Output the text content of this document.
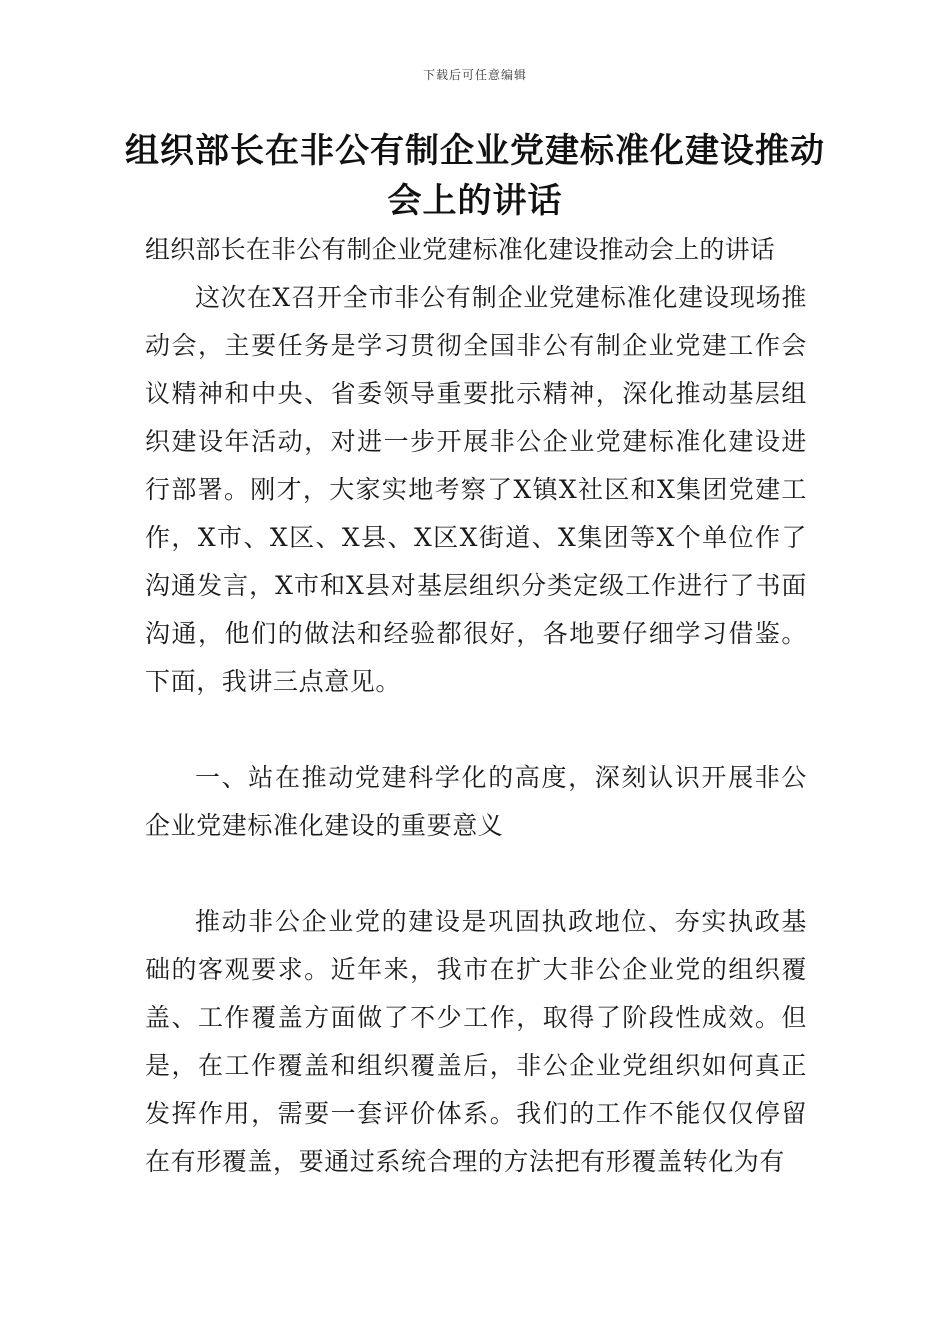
下载后可任意编辑
组织部长在非公有制企业党建标准化建设推动会上的讲话

组织部长在非公有制企业党建标准化建设推动会上的讲话

这次在X召开全市非公有制企业党建标准化建设现场推动会，主要任务是学习贯彻全国非公有制企业党建工作会议精神和中央、省委领导重要批示精神，深化推动基层组织建设年活动，对进一步开展非公企业党建标准化建设进行部署。刚才，大家实地考察了X镇X社区和X集团党建工作，X市、X区、X县、X区X街道、X集团等X个单位作了沟通发言，X市和X县对基层组织分类定级工作进行了书面沟通，他们的做法和经验都很好，各地要仔细学习借鉴。下面，我讲三点意见。

一、站在推动党建科学化的高度，深刻认识开展非公企业党建标准化建设的重要意义

推动非公企业党的建设是巩固执政地位、夯实执政基础的客观要求。近年来，我市在扩大非公企业党的组织覆盖、工作覆盖方面做了不少工作，取得了阶段性成效。但是，在工作覆盖和组织覆盖后，非公企业党组织如何真正发挥作用，需要一套评价体系。我们的工作不能仅仅停留在有形覆盖，要通过系统合理的方法把有形覆盖转化为有
